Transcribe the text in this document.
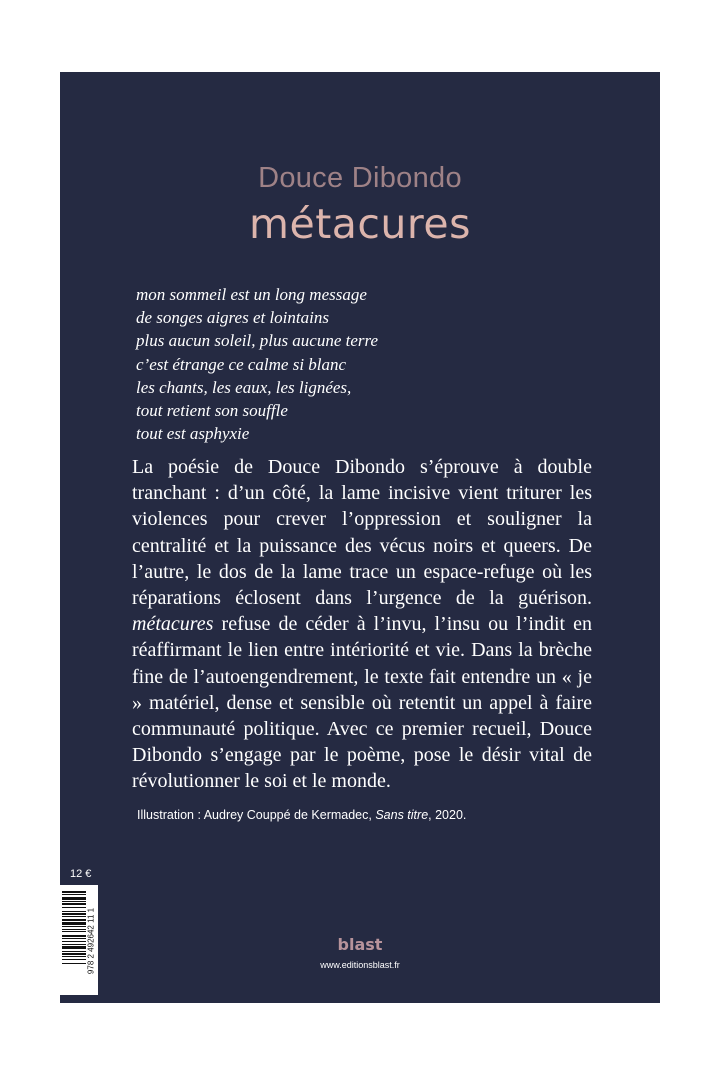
Douce Dibondo
métacures
mon sommeil est un long message
de songes aigres et lointains
plus aucun soleil, plus aucune terre
c’est étrange ce calme si blanc
les chants, les eaux, les lignées,
tout retient son souffle
tout est asphyxie

La poésie de Douce Dibondo s’éprouve à double tranchant : d’un côté, la lame incisive vient triturer les violences pour crever l’oppression et souligner la centralité et la puissance des vécus noirs et queers. De l’autre, le dos de la lame trace un espace-refuge où les réparations éclosent dans l’urgence de la guérison. métacures refuse de céder à l’invu, l’insu ou l’indit en réaffirmant le lien entre intériorité et vie. Dans la brèche fine de l’autoengendrement, le texte fait entendre un « je » matériel, dense et sensible où retentit un appel à faire communauté politique. Avec ce premier recueil, Douce Dibondo s’engage par le poème, pose le désir vital de révolutionner le soi et le monde.

Illustration : Audrey Couppé de Kermadec, Sans titre, 2020.
12 €
978 2 492642 11 1	blast
www.editionsblast.fr
